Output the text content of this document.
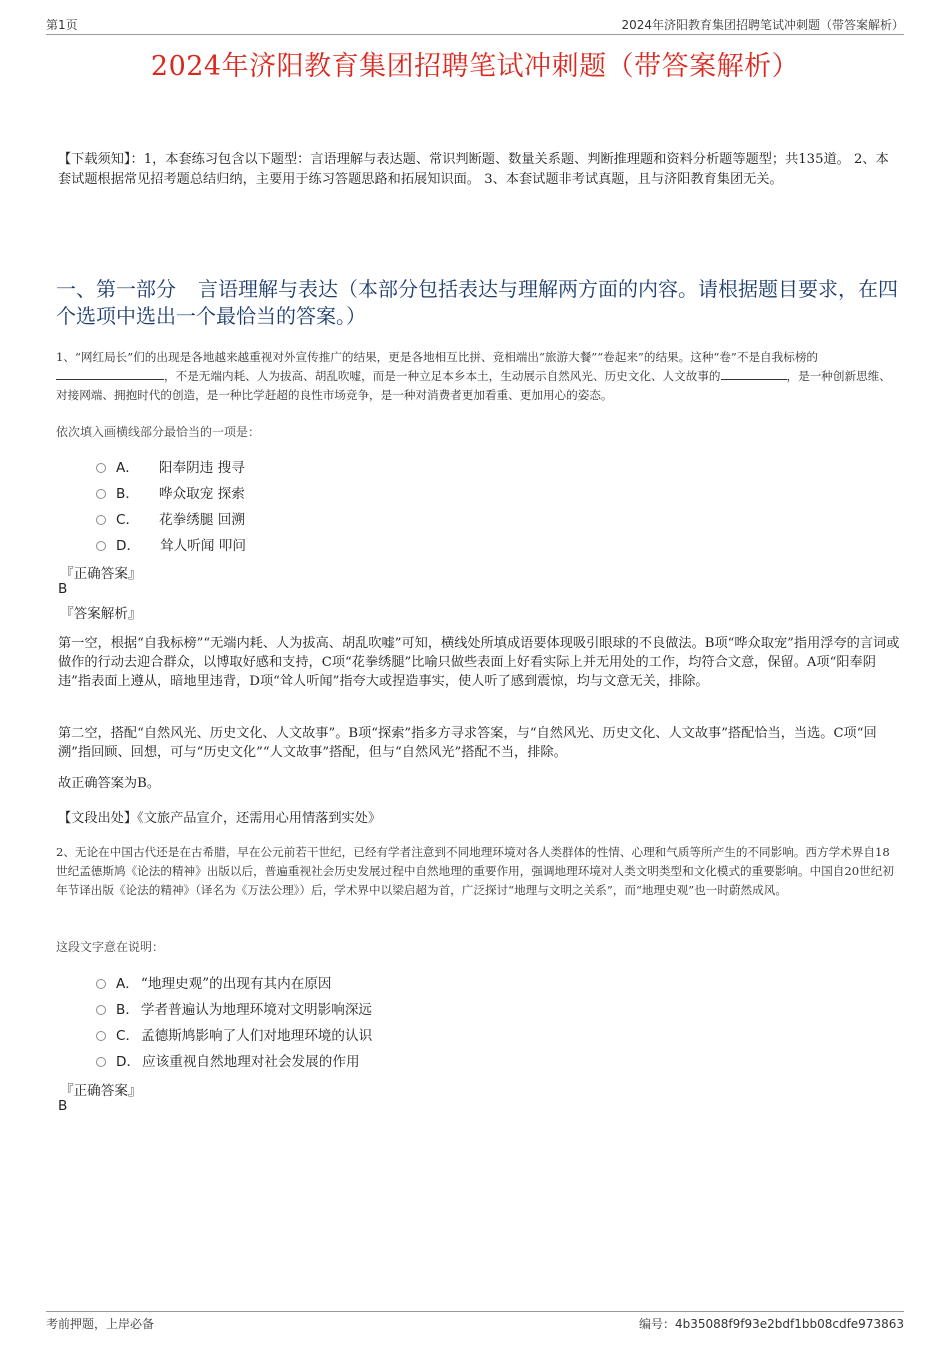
第1页	2024年济阳教育集团招聘笔试冲刺题（带答案解析）
2024年济阳教育集团招聘笔试冲刺题（带答案解析）
【下载须知】：1，本套练习包含以下题型：言语理解与表达题、常识判断题、数量关系题、判断推理题和资料分析题等题型；共135道。 2、本套试题根据常见招考题总结归纳，主要用于练习答题思路和拓展知识面。 3、本套试题非考试真题，且与济阳教育集团无关。
一、第一部分 言语理解与表达（本部分包括表达与理解两方面的内容。请根据题目要求，在四个选项中选出一个最恰当的答案。）
1、“网红局长”们的出现是各地越来越重视对外宣传推广的结果，更是各地相互比拼、竞相端出“旅游大餐”“卷起来”的结果。这种“卷”不是自我标榜的 ，不是无端内耗、人为拔高、胡乱吹嘘，而是一种立足本乡本土，生动展示自然风光、历史文化、人文故事的	，是一种创新思维、对接网端、拥抱时代的创造，是一种比学赶超的良性市场竞争，是一种对消费者更加看重、更加用心的姿态。
依次填入画横线部分最恰当的一项是：
A． 阳奉阴违 搜寻
B． 哗众取宠 探索
C． 花拳绣腿 回溯
D． 耸人听闻 叩问
『正确答案』
B
『答案解析』
第一空，根据“自我标榜”“无端内耗、人为拔高、胡乱吹嘘”可知，横线处所填成语要体现吸引眼球的不良做法。B项“哗众取宠”指用浮夸的言词或做作的行动去迎合群众，以博取好感和支持，C项“花拳绣腿”比喻只做些表面上好看实际上并无用处的工作，均符合文意，保留。A项“阳奉阴违”指表面上遵从，暗地里违背，D项“耸人听闻”指夸大或捏造事实，使人听了感到震惊，均与文意无关，排除。
第二空，搭配“自然风光、历史文化、人文故事”。B项“探索”指多方寻求答案，与“自然风光、历史文化、人文故事”搭配恰当，当选。C项“回溯”指回顾、回想，可与“历史文化”“人文故事”搭配，但与“自然风光”搭配不当，排除。
故正确答案为B。
【文段出处】《文旅产品宣介，还需用心用情落到实处》
2、无论在中国古代还是在古希腊，早在公元前若干世纪，已经有学者注意到不同地理环境对各人类群体的性情、心理和气质等所产生的不同影响。西方学术界自18世纪孟德斯鸠《论法的精神》出版以后，普遍重视社会历史发展过程中自然地理的重要作用，强调地理环境对人类文明类型和文化模式的重要影响。中国自20世纪初年节译出版《论法的精神》（译名为《万法公理》）后，学术界中以梁启超为首，广泛探讨“地理与文明之关系”，而“地理史观”也一时蔚然成风。
这段文字意在说明：
A． “地理史观”的出现有其内在原因
B． 学者普遍认为地理环境对文明影响深远
C． 孟德斯鸠影响了人们对地理环境的认识
D． 应该重视自然地理对社会发展的作用
『正确答案』
B
考前押题，上岸必备	编号：4b35088f9f93e2bdf1bb08cdfe973863
